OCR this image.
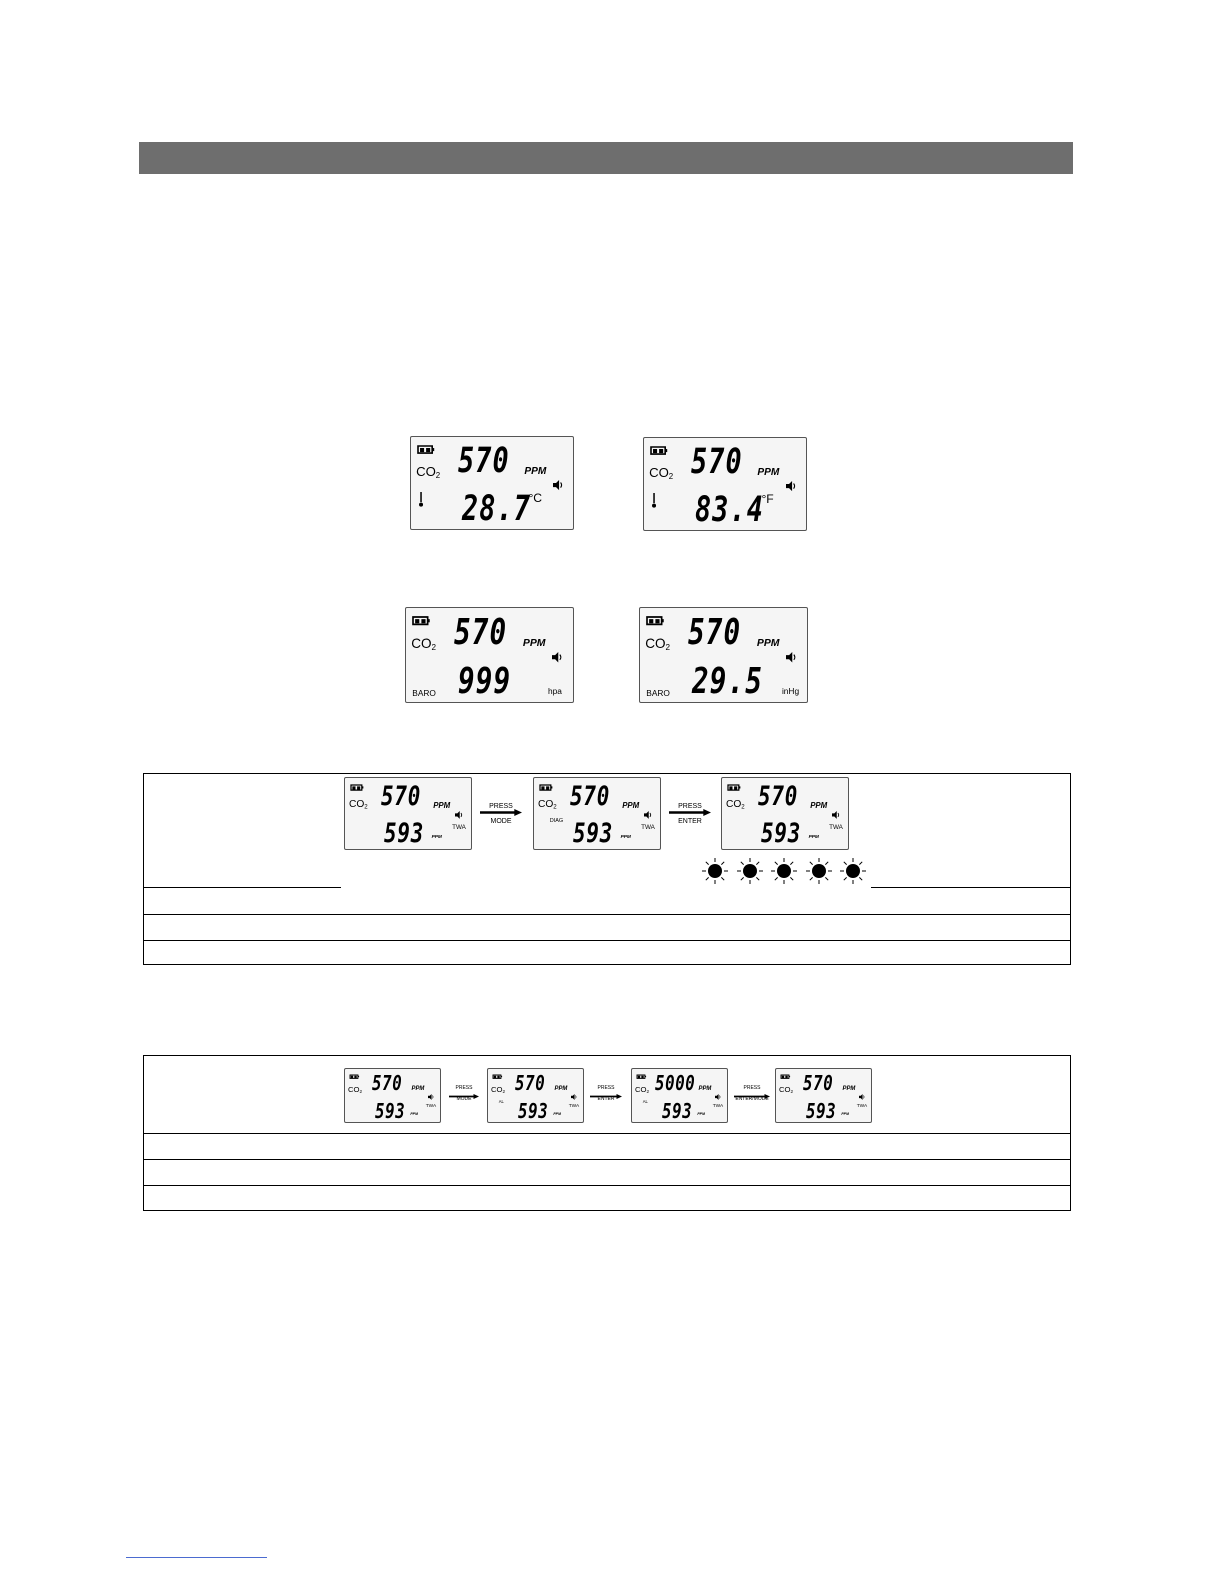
$CO_2$ 570 PPM
28.7
°C
$CO_2$ 570 PPM
83.4
°F
$CO_2$ 570 PPM
BARO 999	hpa
$CO_2$ 570 PPM
BARO 29.5 inHg
$CO_2$ 570 PPM
593 PPM
TWA
PRESS
MODE
$CO_2$ 570 PPM
593 PPM
TWA
DIAG
PRESS
ENTER
$CO_2$ 570 PPM
593 PPM
TWA
$CO_2$ 570 PPM
593 PPM
TWA
PRESS
MODE
$CO_2$ 570 PPM
593 PPM
TWA
AL
PRESS
ENTER
$CO_2$ 5000 PPM
593 PPM
TWA
AL
PRESS
ENTER/MODE
$CO_2$ 570 PPM
593 PPM
TWA
